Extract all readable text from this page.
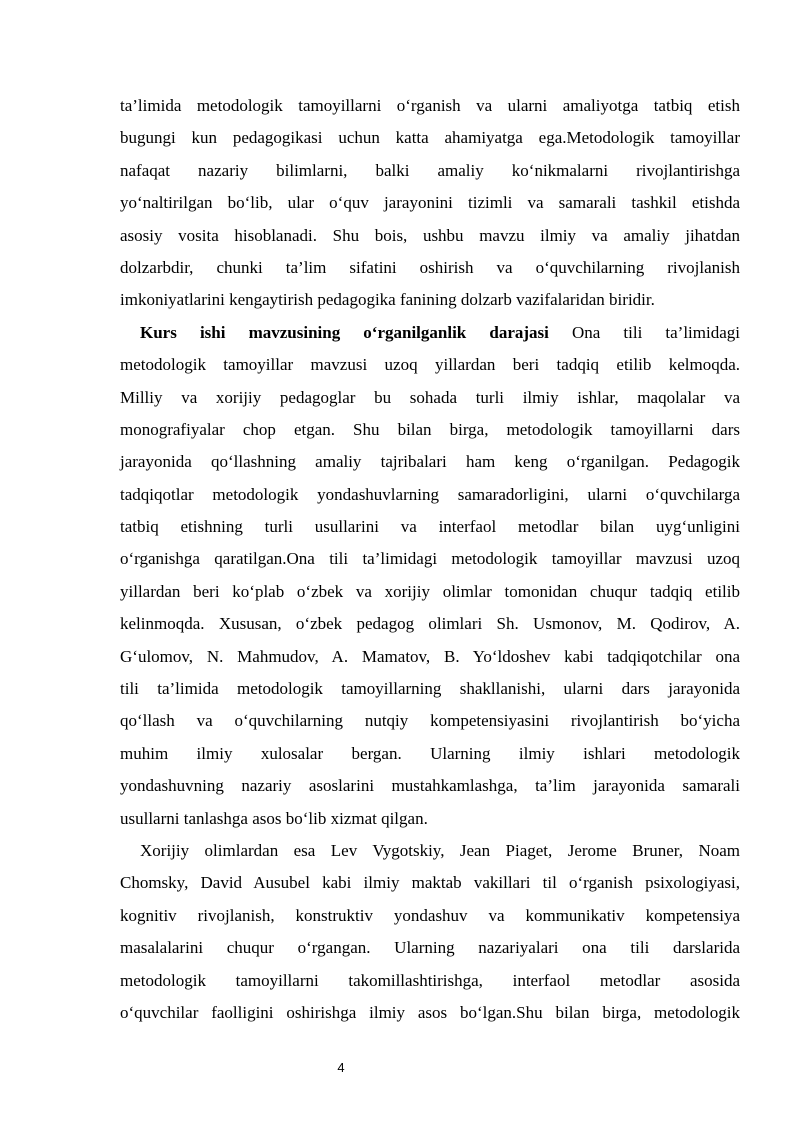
ta’limida metodologik tamoyillarni o‘rganish va ularni amaliyotga tatbiq etish
bugungi kun pedagogikasi uchun katta ahamiyatga ega.Metodologik tamoyillar
nafaqat nazariy bilimlarni, balki amaliy ko‘nikmalarni rivojlantirishga
yo‘naltirilgan bo‘lib, ular o‘quv jarayonini tizimli va samarali tashkil etishda
asosiy vosita hisoblanadi. Shu bois, ushbu mavzu ilmiy va amaliy jihatdan
dolzarbdir, chunki ta’lim sifatini oshirish va o‘quvchilarning rivojlanish
imkoniyatlarini kengaytirish pedagogika fanining dolzarb vazifalaridan biridir.
Kurs ishi mavzusining o‘rganilganlik darajasi Ona tili ta’limidagi
metodologik tamoyillar mavzusi uzoq yillardan beri tadqiq etilib kelmoqda.
Milliy va xorijiy pedagoglar bu sohada turli ilmiy ishlar, maqolalar va
monografiyalar chop etgan. Shu bilan birga, metodologik tamoyillarni dars
jarayonida qo‘llashning amaliy tajribalari ham keng o‘rganilgan. Pedagogik
tadqiqotlar metodologik yondashuvlarning samaradorligini, ularni o‘quvchilarga
tatbiq etishning turli usullarini va interfaol metodlar bilan uyg‘unligini
o‘rganishga qaratilgan.Ona tili ta’limidagi metodologik tamoyillar mavzusi uzoq
yillardan beri ko‘plab o‘zbek va xorijiy olimlar tomonidan chuqur tadqiq etilib
kelinmoqda. Xususan, o‘zbek pedagog olimlari Sh. Usmonov, M. Qodirov, A.
G‘ulomov, N. Mahmudov, A. Mamatov, B. Yo‘ldoshev kabi tadqiqotchilar ona
tili ta’limida metodologik tamoyillarning shakllanishi, ularni dars jarayonida
qo‘llash va o‘quvchilarning nutqiy kompetensiyasini rivojlantirish bo‘yicha
muhim ilmiy xulosalar bergan. Ularning ilmiy ishlari metodologik
yondashuvning nazariy asoslarini mustahkamlashga, ta’lim jarayonida samarali
usullarni tanlashga asos bo‘lib xizmat qilgan.
Xorijiy olimlardan esa Lev Vygotskiy, Jean Piaget, Jerome Bruner, Noam
Chomsky, David Ausubel kabi ilmiy maktab vakillari til o‘rganish psixologiyasi,
kognitiv rivojlanish, konstruktiv yondashuv va kommunikativ kompetensiya
masalalarini chuqur o‘rgangan. Ularning nazariyalari ona tili darslarida
metodologik tamoyillarni takomillashtirishga, interfaol metodlar asosida
o‘quvchilar faolligini oshirishga ilmiy asos bo‘lgan.Shu bilan birga, metodologik
4
